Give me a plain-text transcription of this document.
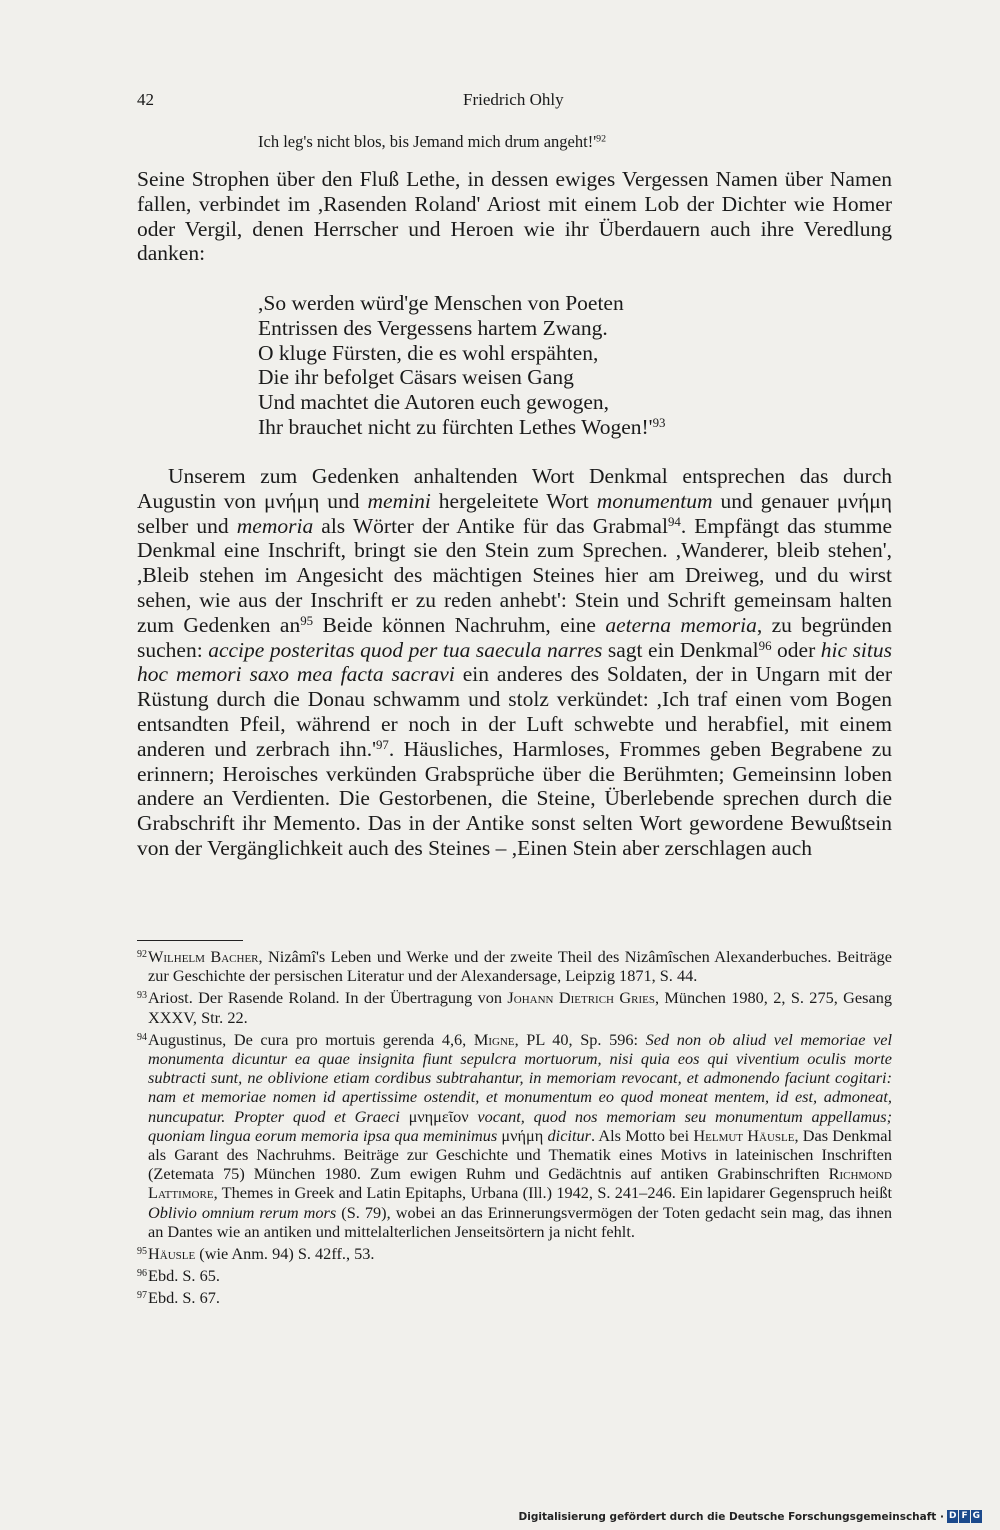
42	Friedrich Ohly
Ich leg's nicht blos, bis Jemand mich drum $angeht!'^{92}$

Seine Strophen über den Fluß Lethe, in dessen ewiges Vergessen Namen über Namen fallen, verbindet im ,Rasenden Roland' Ariost mit einem Lob der Dichter wie Homer oder Vergil, denen Herrscher und Heroen wie ihr Überdauern auch ihre Veredlung danken:

,So werden würd'ge Menschen von Poeten
Entrissen des Vergessens hartem Zwang.
O kluge Fürsten, die es wohl erspähten,
Die ihr befolget Cäsars weisen Gang
Und machtet die Autoren euch gewogen,
Ihr brauchet nicht zu fürchten Lethes $Wogen!'^{93}$

Unserem zum Gedenken anhaltenden Wort Denkmal entsprechen das durch Augustin von μνήμη und memini hergeleitete Wort monumentum und genauer μνήμη selber und memoria als Wörter der Antike für das Grabmal$^{94}$. Empfängt das stumme Denkmal eine Inschrift, bringt sie den Stein zum Sprechen. ,Wanderer, bleib stehen', ,Bleib stehen im Angesicht des mächtigen Steines hier am Dreiweg, und du wirst sehen, wie aus der Inschrift er zu reden anhebt': Stein und Schrift gemeinsam halten zum Gedenken $an^{95}$ Beide können Nachruhm, eine aeterna memoria, zu begründen suchen: accipe posteritas quod per tua saecula narres sagt ein Denkmal$^{96}$ oder hic situs hoc memori saxo mea facta sacravi ein anderes des Soldaten, der in Ungarn mit der Rüstung durch die Donau schwamm und stolz verkündet: ,Ich traf einen vom Bogen entsandten Pfeil, während er noch in der Luft schwebte und herabfiel, mit einem anderen und zerbrach $ihn.'^{97}$. Häusliches, Harmloses, Frommes geben Begrabene zu erinnern; Heroisches verkünden Grabsprüche über die Berühmten; Gemeinsinn loben andere an Verdienten. Die Gestorbenen, die Steine, Überlebende sprechen durch die Grabschrift ihr Memento. Das in der Antike sonst selten Wort gewordene Bewußtsein von der Vergänglichkeit auch des Steines – ,Einen Stein aber zerschlagen auch

92 Wilhelm Bacher, Nizâmî's Leben und Werke und der zweite Theil des Nizâmîschen Alexanderbuches. Beiträge zur Geschichte der persischen Literatur und der Alexandersage, Leipzig 1871, S. 44.
93 Ariost. Der Rasende Roland. In der Übertragung von Johann Dietrich Gries, München 1980, 2, S. 275, Gesang XXXV, Str. 22.
94 Augustinus, De cura pro mortuis gerenda 4,6, Migne, PL 40, Sp. 596: Sed non ob aliud vel memoriae vel monumenta dicuntur ea quae insignita fiunt sepulcra mortuorum, nisi quia eos qui viventium oculis morte subtracti sunt, ne oblivione etiam cordibus subtrahantur, in memoriam revocant, et admonendo faciunt cogitari: nam et memoriae nomen id apertissime ostendit, et monumentum eo quod moneat mentem, id est, admoneat, nuncupatur. Propter quod et Graeci μνημεῖον vocant, quod nos memoriam seu monumentum appellamus; quoniam lingua eorum memoria ipsa qua meminimus μνήμη dicitur. Als Motto bei Helmut Häusle, Das Denkmal als Garant des Nachruhms. Beiträge zur Geschichte und Thematik eines Motivs in lateinischen Inschriften (Zetemata 75) München 1980. Zum ewigen Ruhm und Gedächtnis auf antiken Grabinschriften Richmond Lattimore, Themes in Greek and Latin Epitaphs, Urbana (Ill.) 1942, S. 241–246. Ein lapidarer Gegenspruch heißt Oblivio omnium rerum mors (S. 79), wobei an das Erinnerungsvermögen der Toten gedacht sein mag, das ihnen an Dantes wie an antiken und mittelalterlichen Jenseitsörtern ja nicht fehlt.
95 Häusle (wie Anm. 94) S. 42ff., 53.
96 Ebd. S. 65.
97 Ebd. S. 67.
Digitalisierung gefördert durch die Deutsche Forschungsgemeinschaft · D F G
